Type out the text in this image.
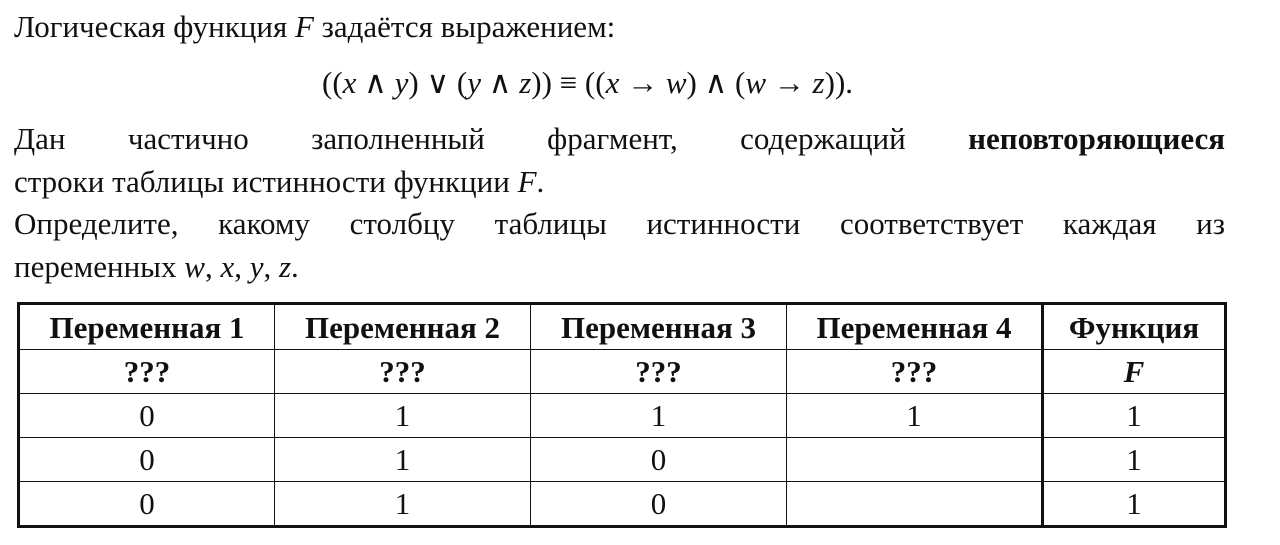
Логическая функция F задаётся выражением:
((x ∧ y) ∨ (y ∧ z)) ≡ ((x → w) ∧ (w → z)).
Дан частично заполненный фрагмент, содержащий неповторяющиеся
строки таблицы истинности функции F.
Определите, какому столбцу таблицы истинности соответствует каждая из
переменных w, x, y, z.
Переменная 1	Переменная 2	Переменная 3	Переменная 4	Функция
???	???	???	???	F
0	1	1	1	1
0	1	0		1
0	1	0		1
